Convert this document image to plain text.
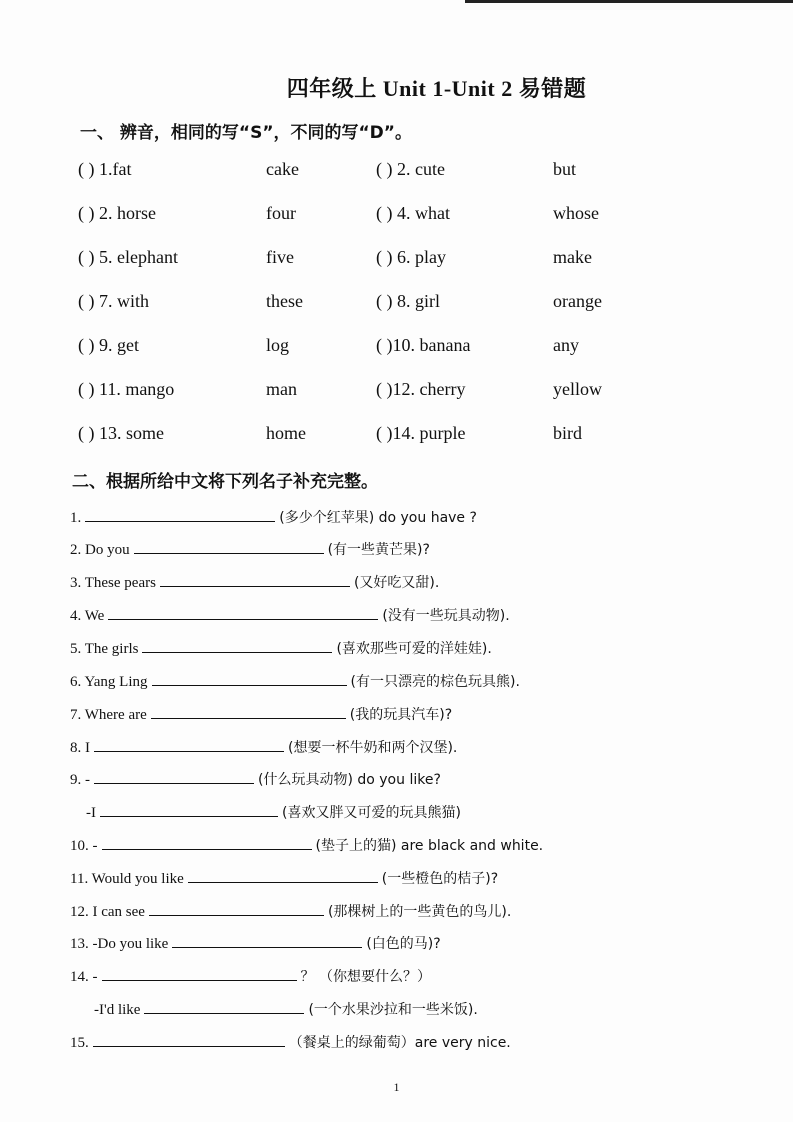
四年级上 Unit 1-Unit 2 易错题
一、 辨音，相同的写“S”，不同的写“D”。
( ) 1.fat	cake	( ) 2. cute	but
( ) 2. horse	four	( ) 4. what	whose
( ) 5. elephant	five	( ) 6. play	make
( ) 7. with	these	( ) 8. girl	orange
( ) 9. get	log	( )10. banana	any
( ) 11. mango	man	( )12. cherry	yellow
( ) 13. some	home	( )14. purple	bird
二、根据所给中文将下列名子补充完整。
1.	(多少个红苹果) do you have ?
2. Do you	(有一些黄芒果)?
3. These pears	(又好吃又甜).
4. We	(没有一些玩具动物).
5. The girls	(喜欢那些可爱的洋娃娃).
6. Yang Ling	(有一只漂亮的棕色玩具熊).
7. Where are	(我的玩具汽车)?
8. I	(想要一杯牛奶和两个汉堡).
9. -	(什么玩具动物) do you like?
-I	(喜欢又胖又可爱的玩具熊猫)
10. -	(垫子上的猫) are black and white.
11. Would you like	(一些橙色的桔子)?
12. I can see	(那棵树上的一些黄色的鸟儿).
13. -Do you like	(白色的马)?
14. -	？ （你想要什么？）
-I'd like	(一个水果沙拉和一些米饭).
15.	（餐桌上的绿葡萄）are very nice.
1
